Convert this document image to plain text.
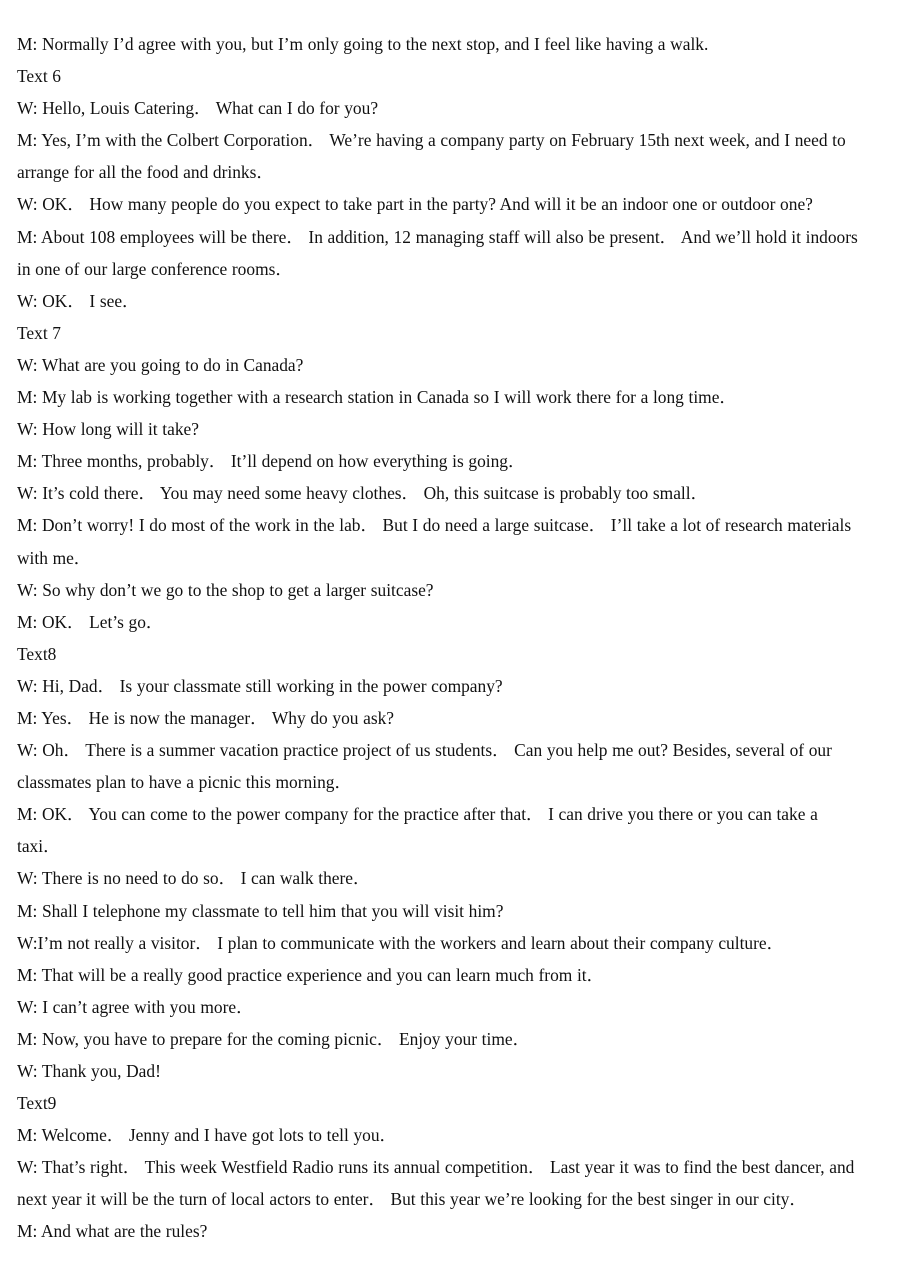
M: Normally I’d agree with you, but I’m only going to the next stop, and I feel like having a walk.
Text 6
W: Hello, Louis Catering． What can I do for you?
M: Yes, I’m with the Colbert Corporation． We’re having a company party on February 15th next week, and I need to
arrange for all the food and drinks．
W: OK． How many people do you expect to take part in the party? And will it be an indoor one or outdoor one?
M: About 108 employees will be there． In addition, 12 managing staff will also be present． And we’ll hold it indoors
in one of our large conference rooms．
W: OK． I see．
Text 7
W: What are you going to do in Canada?
M: My lab is working together with a research station in Canada so I will work there for a long time．
W: How long will it take?
M: Three months, probably． It’ll depend on how everything is going．
W: It’s cold there． You may need some heavy clothes． Oh, this suitcase is probably too small．
M: Don’t worry! I do most of the work in the lab． But I do need a large suitcase． I’ll take a lot of research materials
with me．
W: So why don’t we go to the shop to get a larger suitcase?
M: OK． Let’s go．
Text8
W: Hi, Dad． Is your classmate still working in the power company?
M: Yes． He is now the manager． Why do you ask?
W: Oh． There is a summer vacation practice project of us students． Can you help me out? Besides, several of our
classmates plan to have a picnic this morning．
M: OK． You can come to the power company for the practice after that． I can drive you there or you can take a
taxi．
W: There is no need to do so． I can walk there．
M: Shall I telephone my classmate to tell him that you will visit him?
W:I’m not really a visitor． I plan to communicate with the workers and learn about their company culture．
M: That will be a really good practice experience and you can learn much from it．
W: I can’t agree with you more．
M: Now, you have to prepare for the coming picnic． Enjoy your time．
W: Thank you, Dad!
Text9
M: Welcome． Jenny and I have got lots to tell you．
W: That’s right． This week Westfield Radio runs its annual competition． Last year it was to find the best dancer, and
next year it will be the turn of local actors to enter． But this year we’re looking for the best singer in our city．
M: And what are the rules?
